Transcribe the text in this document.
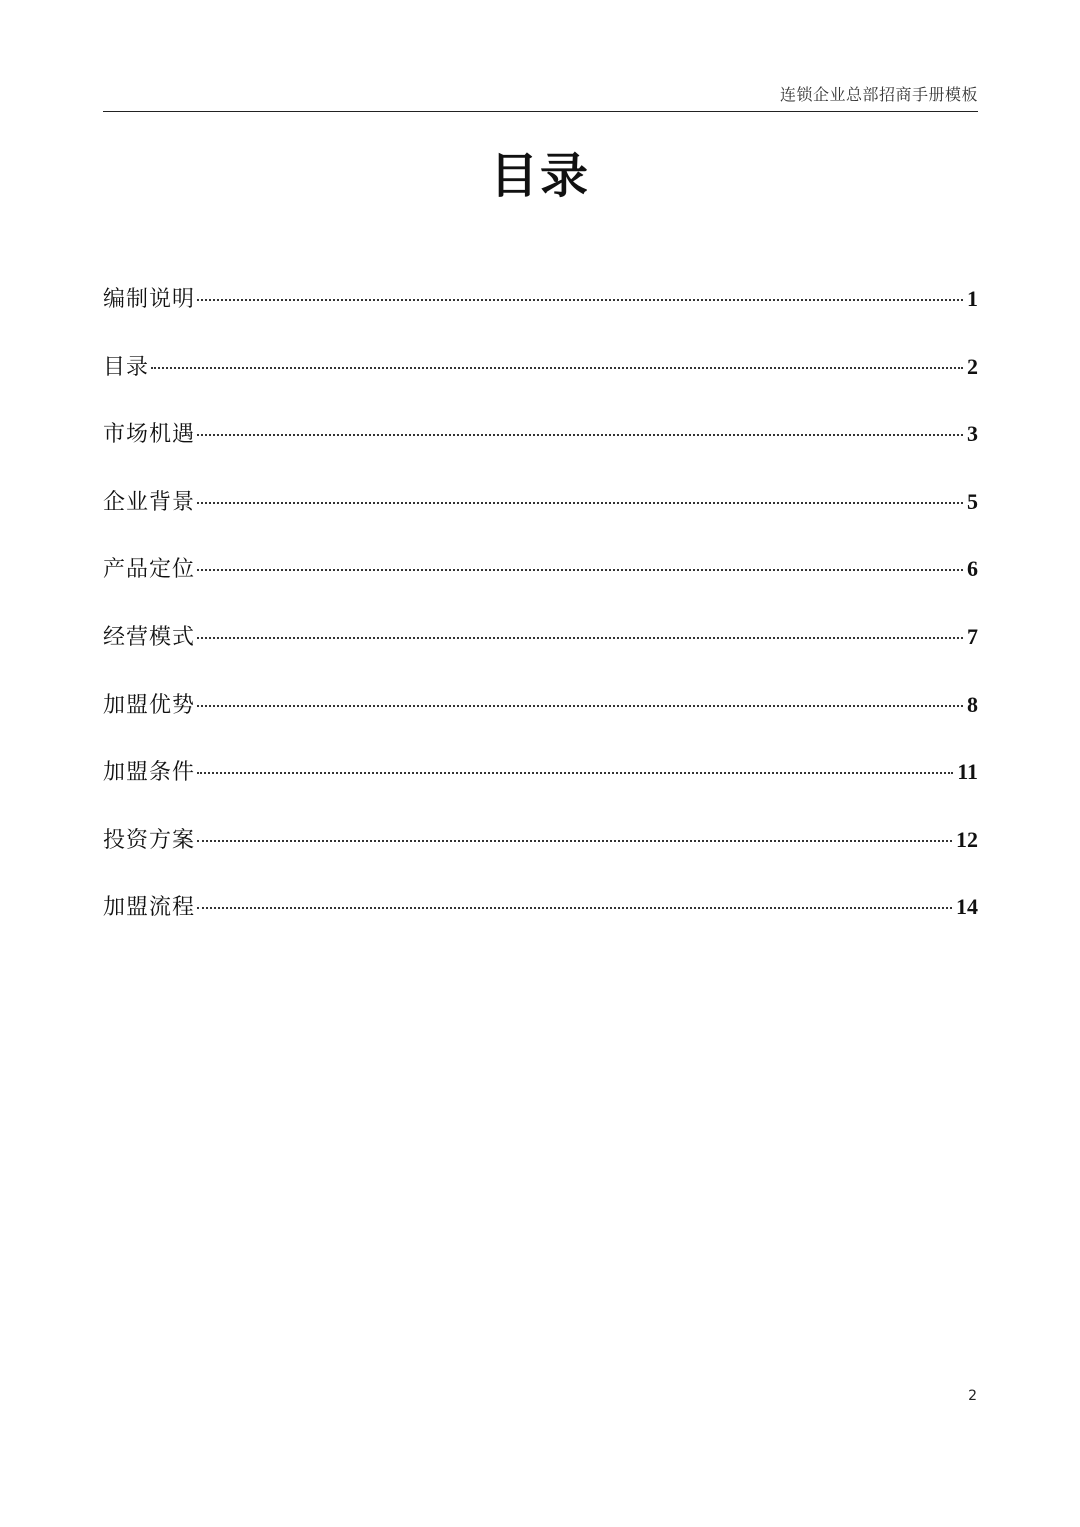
连锁企业总部招商手册模板
目录
编制说明	1
目录	2
市场机遇	3
企业背景	5
产品定位	6
经营模式	7
加盟优势	8
加盟条件	11
投资方案	12
加盟流程	14
2
